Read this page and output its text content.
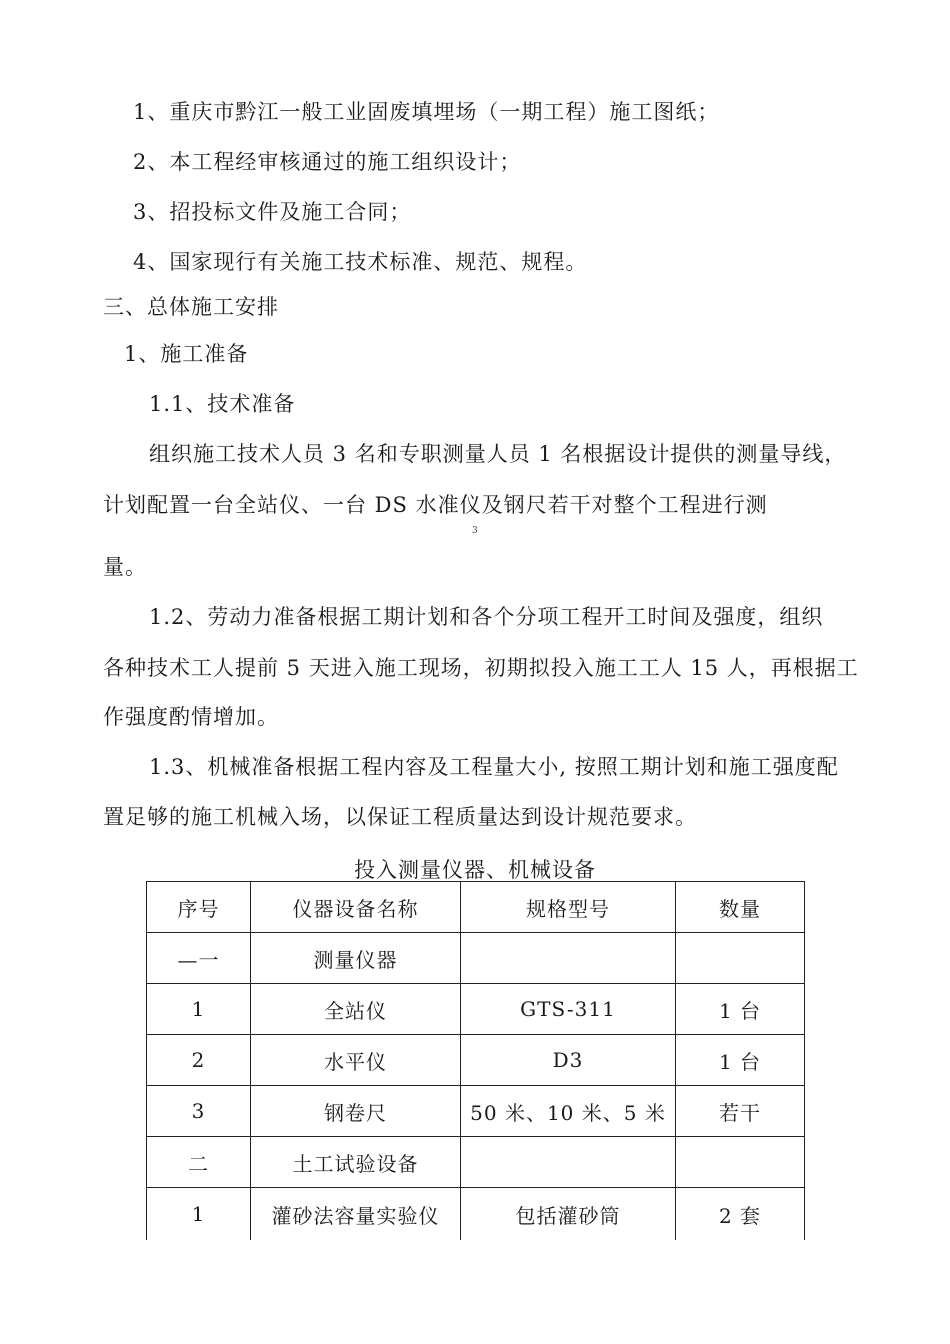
1、重庆市黔江一般工业固废填埋场（一期工程）施工图纸；
2、本工程经审核通过的施工组织设计；
3、招投标文件及施工合同；
4、国家现行有关施工技术标准、规范、规程。
三、总体施工安排
1、施工准备
1.1、技术准备
组织施工技术人员 3 名和专职测量人员 1 名根据设计提供的测量导线，
计划配置一台全站仪、一台 DS 水准仪及钢尺若干对整个工程进行测
3
量。
1.2、劳动力准备根据工期计划和各个分项工程开工时间及强度，组织
各种技术工人提前 5 天进入施工现场，初期拟投入施工工人 15 人，再根据工
作强度酌情增加。
1.3、机械准备根据工程内容及工程量大小, 按照工期计划和施工强度配
置足够的施工机械入场，以保证工程质量达到设计规范要求。
投入测量仪器、机械设备
序号	仪器设备名称	规格型号	数量
—一	测量仪器		
1	全站仪	GTS-311	1 台
2	水平仪	D3	1 台
3	钢卷尺	50 米、10 米、5 米	若干
二	土工试验设备		
1	灌砂法容量实验仪	包括灌砂筒	2 套
